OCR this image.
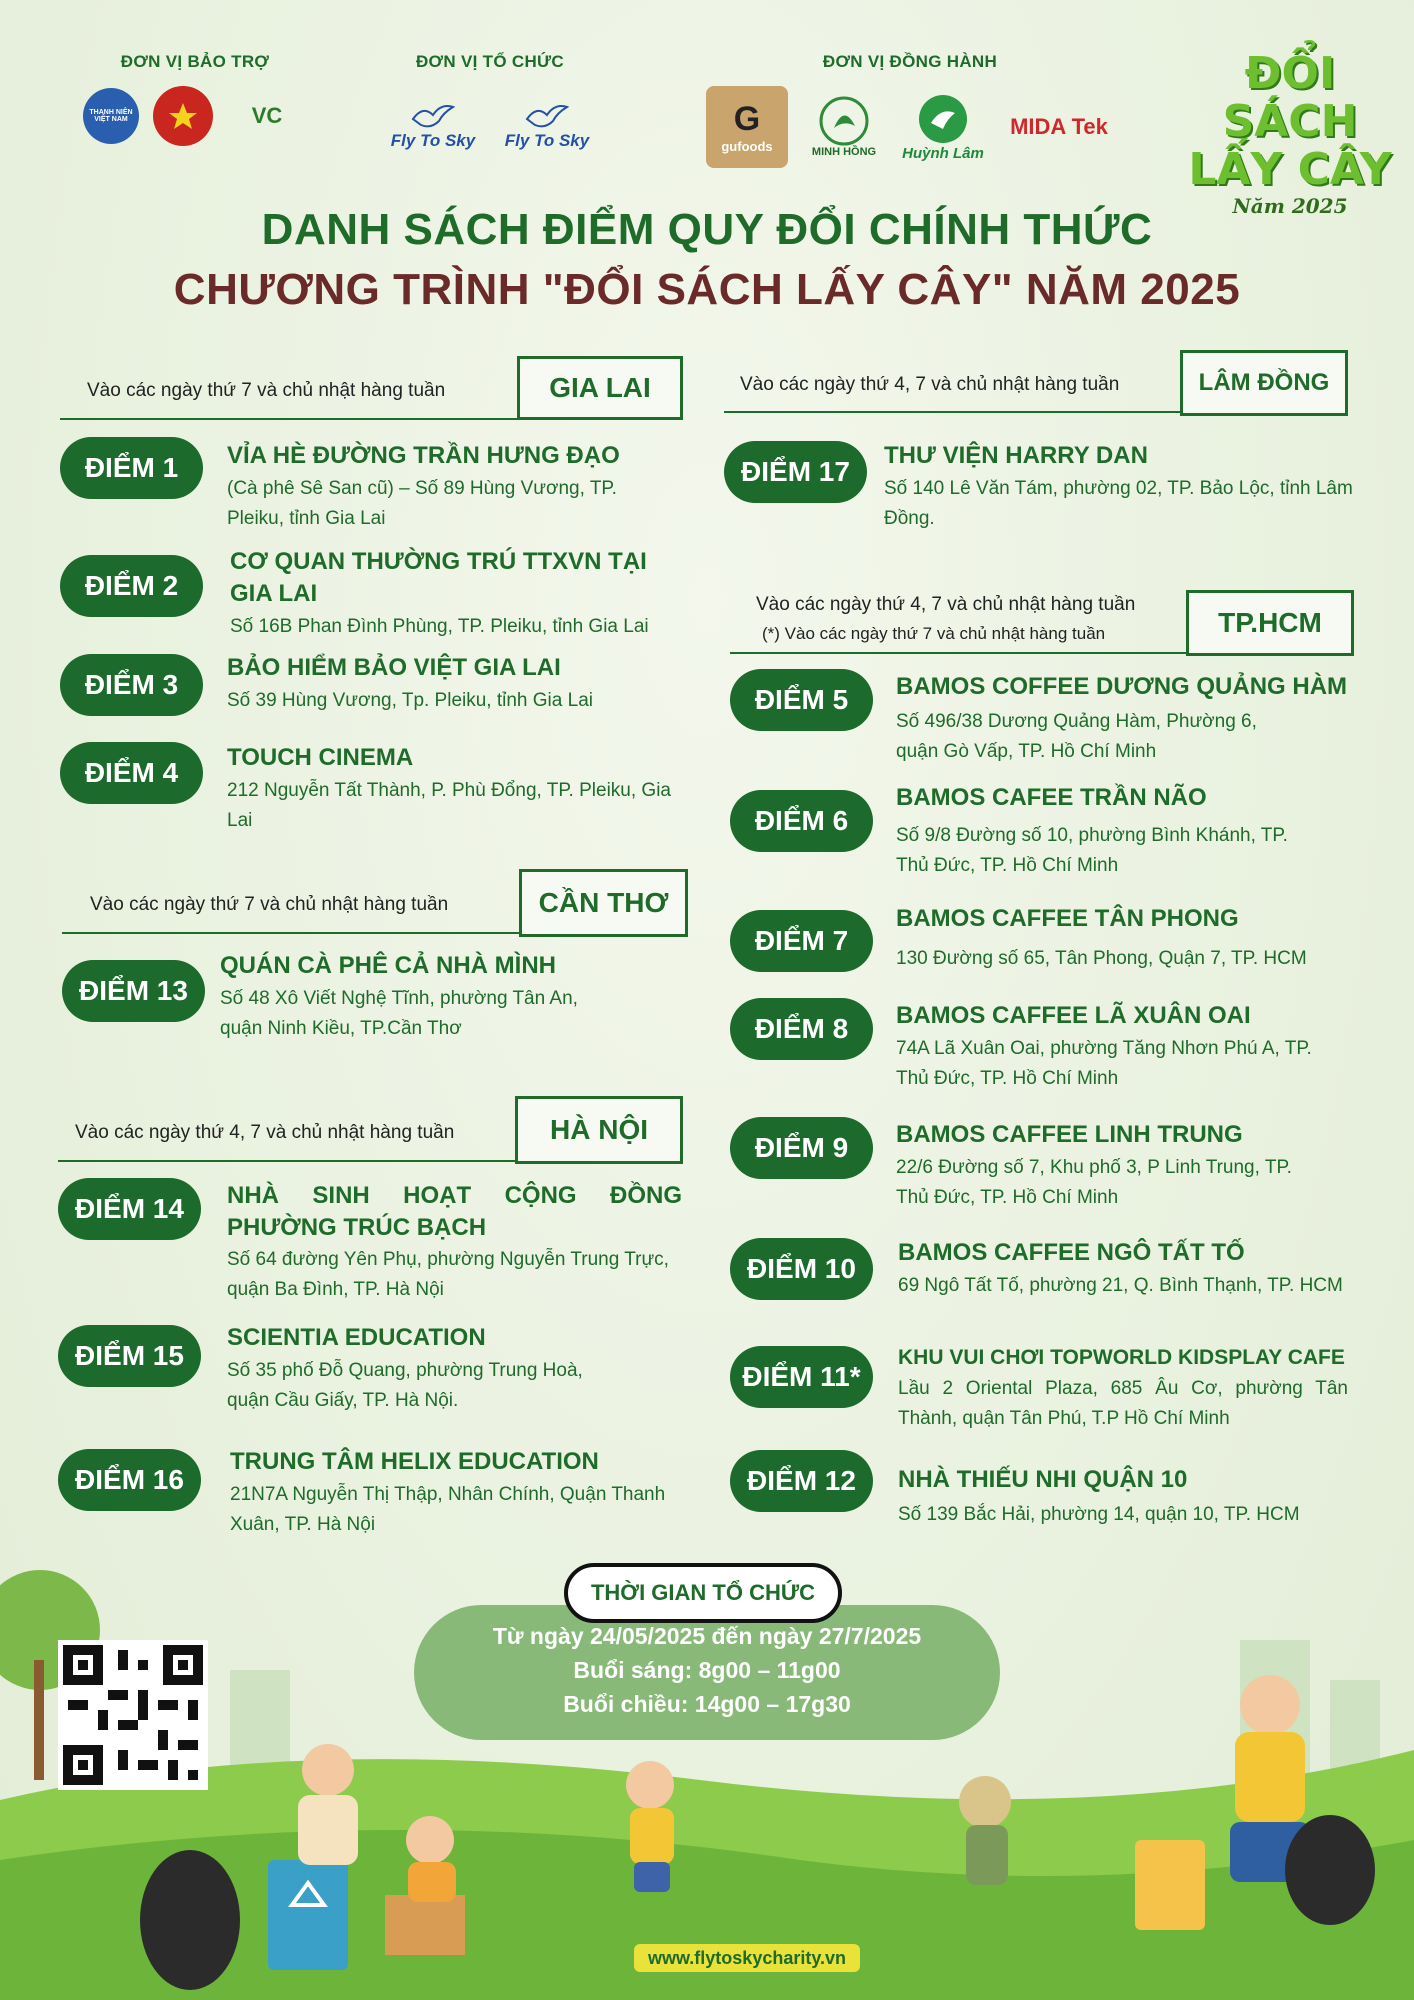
ĐƠN VỊ BẢO TRỢ
THANH NIÊN VIỆT NAM	VC
ĐƠN VỊ TỔ CHỨC
Fly To Sky Fly To Sky
ĐƠN VỊ ĐỒNG HÀNH
G
gufoods	MINH HỒNG Huỳnh Lâm
MIDA Tek
ĐỔI SÁCH
LẤY CÂY
Năm 2025
DANH SÁCH ĐIỂM QUY ĐỔI CHÍNH THỨC
CHƯƠNG TRÌNH "ĐỔI SÁCH LẤY CÂY" NĂM 2025
Vào các ngày thứ 7 và chủ nhật hàng tuần	GIA LAI
ĐIỂM 1	VỈA HÈ ĐƯỜNG TRẦN HƯNG ĐẠO
(Cà phê Sê San cũ) – Số 89 Hùng Vương, TP. Pleiku, tỉnh Gia Lai
ĐIỂM 2
CƠ QUAN THƯỜNG TRÚ TTXVN TẠI GIA LAI
Số 16B Phan Đình Phùng, TP. Pleiku, tỉnh Gia Lai
ĐIỂM 3
BẢO HIỂM BẢO VIỆT GIA LAI
Số 39 Hùng Vương, Tp. Pleiku, tỉnh Gia Lai
ĐIỂM 4	TOUCH CINEMA
212 Nguyễn Tất Thành, P. Phù Đổng, TP. Pleiku, Gia Lai
Vào các ngày thứ 7 và chủ nhật hàng tuần	CẦN THƠ
ĐIỂM 13
QUÁN CÀ PHÊ CẢ NHÀ MÌNH
Số 48 Xô Viết Nghệ Tĩnh, phường Tân An, quận Ninh Kiều, TP.Cần Thơ
Vào các ngày thứ 4, 7 và chủ nhật hàng tuần	HÀ NỘI
ĐIỂM 14	NHÀ SINH HOẠT CỘNG ĐỒNG PHƯỜNG TRÚC BẠCH
Số 64 đường Yên Phụ, phường Nguyễn Trung Trực, quận Ba Đình, TP. Hà Nội
ĐIỂM 15
SCIENTIA EDUCATION
Số 35 phố Đỗ Quang, phường Trung Hoà, quận Cầu Giấy, TP. Hà Nội.
ĐIỂM 16
TRUNG TÂM HELIX EDUCATION
21N7A Nguyễn Thị Thập, Nhân Chính, Quận Thanh Xuân, TP. Hà Nội
Vào các ngày thứ 4, 7 và chủ nhật hàng tuần	LÂM ĐỒNG
ĐIỂM 17
THƯ VIỆN HARRY DAN
Số 140 Lê Văn Tám, phường 02, TP. Bảo Lộc, tỉnh Lâm Đồng.
Vào các ngày thứ 4, 7 và chủ nhật hàng tuần
(*) Vào các ngày thứ 7 và chủ nhật hàng tuần	TP.HCM
ĐIỂM 5	BAMOS COFFEE DƯƠNG QUẢNG HÀM
Số 496/38 Dương Quảng Hàm, Phường 6, quận Gò Vấp, TP. Hồ Chí Minh
ĐIỂM 6
BAMOS CAFEE TRẦN NÃO
Số 9/8 Đường số 10, phường Bình Khánh, TP. Thủ Đức, TP. Hồ Chí Minh
ĐIỂM 7
BAMOS CAFFEE TÂN PHONG
130 Đường số 65, Tân Phong, Quận 7, TP. HCM
ĐIỂM 8	BAMOS CAFFEE LÃ XUÂN OAI
74A Lã Xuân Oai, phường Tăng Nhơn Phú A, TP. Thủ Đức, TP. Hồ Chí Minh
ĐIỂM 9	BAMOS CAFFEE LINH TRUNG
22/6 Đường số 7, Khu phố 3, P Linh Trung, TP. Thủ Đức, TP. Hồ Chí Minh
ĐIỂM 10
BAMOS CAFFEE NGÔ TẤT TỐ
69 Ngô Tất Tố, phường 21, Q. Bình Thạnh, TP. HCM
ĐIỂM 11*
KHU VUI CHƠI TOPWORLD KIDSPLAY CAFE
Lầu 2 Oriental Plaza, 685 Âu Cơ, phường Tân Thành, quận Tân Phú, T.P Hồ Chí Minh
ĐIỂM 12	NHÀ THIẾU NHI QUẬN 10
Số 139 Bắc Hải, phường 14, quận 10, TP. HCM
THỜI GIAN TỔ CHỨC
Từ ngày 24/05/2025 đến ngày 27/7/2025
Buổi sáng: 8g00 – 11g00
Buổi chiều: 14g00 – 17g30
www.flytoskycharity.vn
